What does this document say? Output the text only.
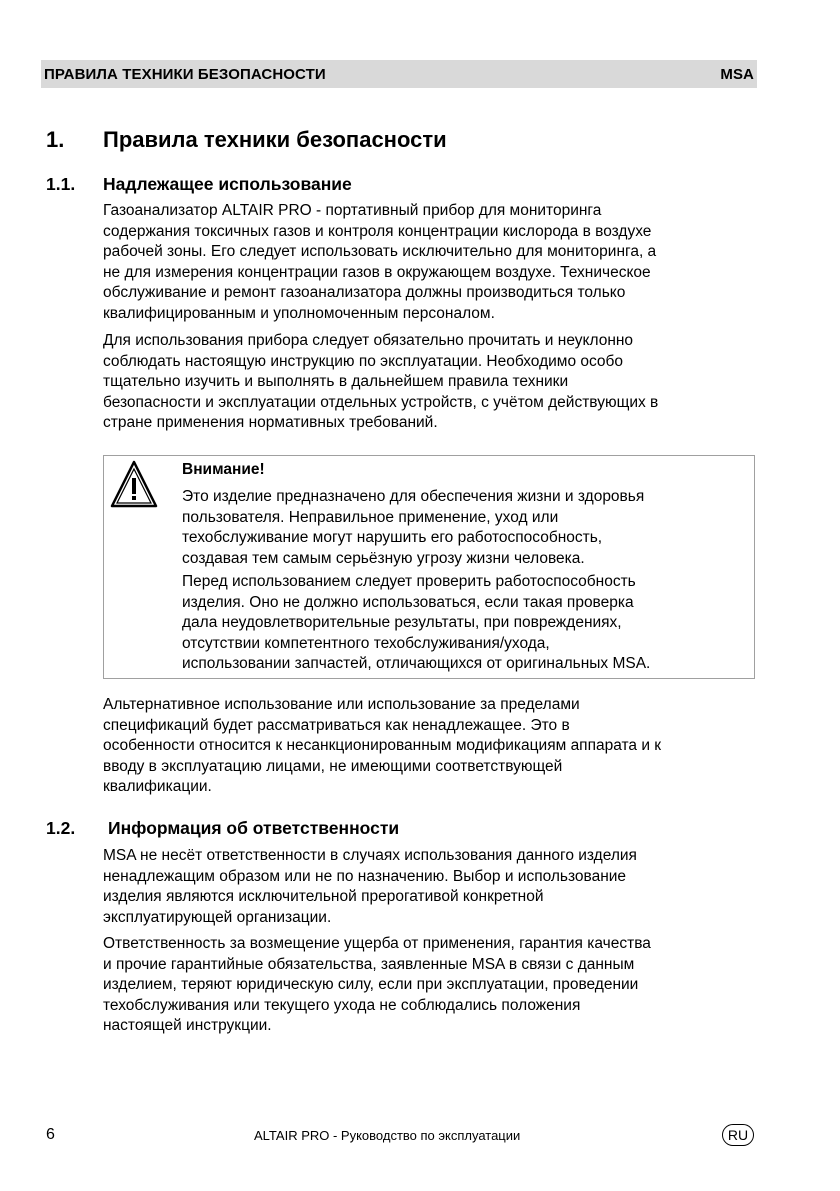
ПРАВИЛА ТЕХНИКИ БЕЗОПАСНОСТИ	MSA
1.	Правила техники безопасности
1.1.	Надлежащее использование
Газоанализатор ALTAIR PRO - портативный прибор для мониторинга
содержания токсичных газов и контроля концентрации кислорода в воздухе
рабочей зоны. Его следует использовать исключительно для мониторинга, а
не для измерения концентрации газов в окружающем воздухе. Техническое
обслуживание и ремонт газоанализатора должны производиться только
квалифицированным и уполномоченным персоналом.
Для использования прибора следует обязательно прочитать и неуклонно
соблюдать настоящую инструкцию по эксплуатации. Необходимо особо
тщательно изучить и выполнять в дальнейшем правила техники
безопасности и эксплуатации отдельных устройств, с учётом действующих в
стране применения нормативных требований.
Внимание!
Это изделие предназначено для обеспечения жизни и здоровья
пользователя. Неправильное применение, уход или
техобслуживание могут нарушить его работоспособность,
создавая тем самым серьёзную угрозу жизни человека.
Перед использованием следует проверить работоспособность
изделия. Оно не должно использоваться, если такая проверка
дала неудовлетворительные результаты, при повреждениях,
отсутствии компетентного техобслуживания/ухода,
использовании запчастей, отличающихся от оригинальных MSA.
Альтернативное использование или использование за пределами
спецификаций будет рассматриваться как ненадлежащее. Это в
особенности относится к несанкционированным модификациям аппарата и к
вводу в эксплуатацию лицами, не имеющими соответствующей
квалификации.
1.2.	Информация об ответственности
MSA не несёт ответственности в случаях использования данного изделия
ненадлежащим образом или не по назначению. Выбор и использование
изделия являются исключительной прерогативой конкретной
эксплуатирующей организации.
Ответственность за возмещение ущерба от применения, гарантия качества
и прочие гарантийные обязательства, заявленные MSA в связи с данным
изделием, теряют юридическую силу, если при эксплуатации, проведении
техобслуживания или текущего ухода не соблюдались положения
настоящей инструкции.
6	ALTAIR PRO - Руководство по эксплуатации	RU
